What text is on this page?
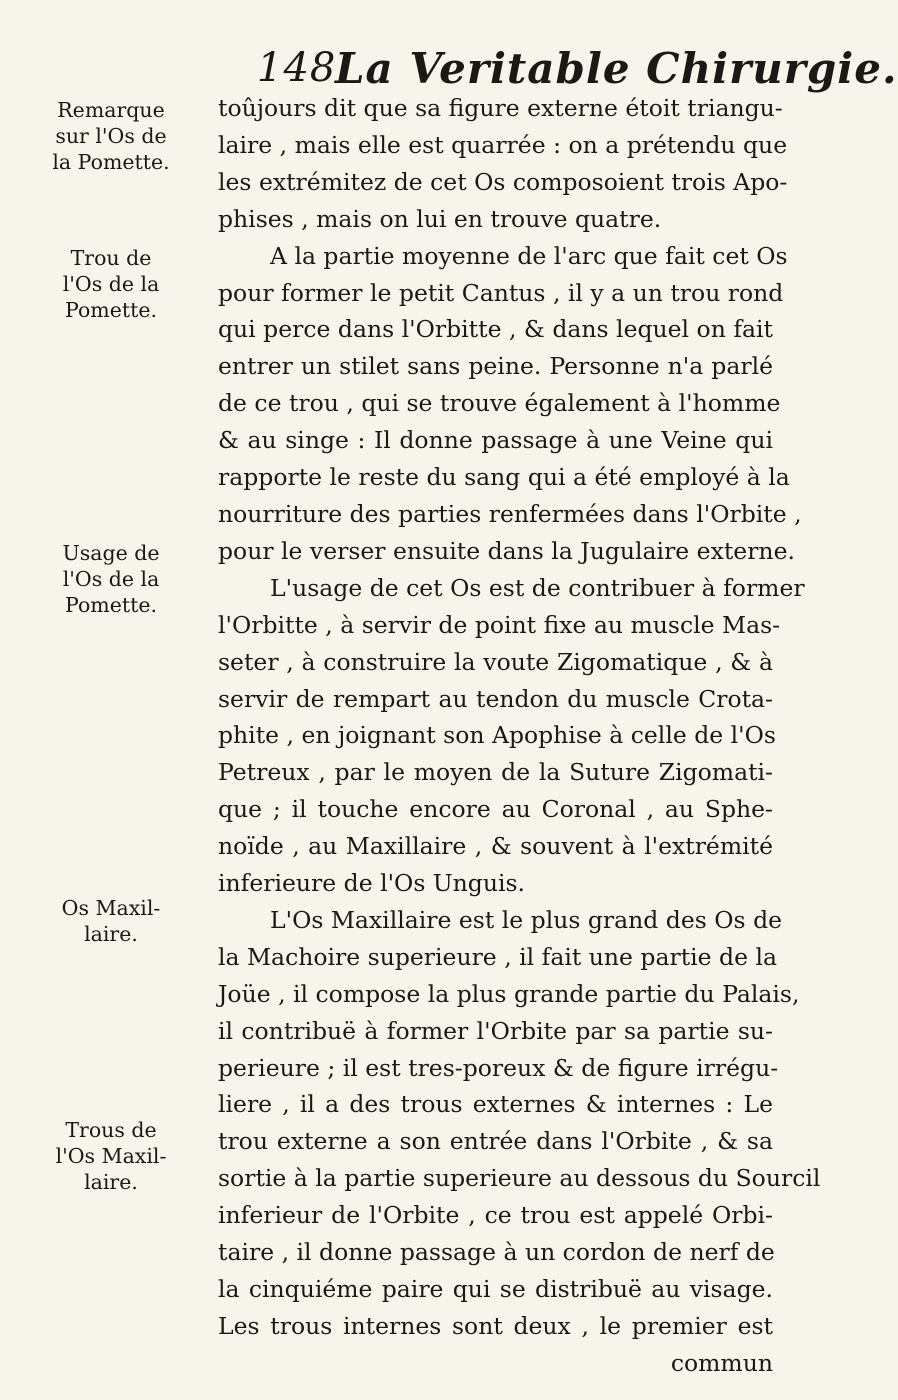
148
La Veritable Chirurgie.
Remarque
sur l'Os de
la Pomette.
Trou de
l'Os de la
Pomette.
Usage de
l'Os de la
Pomette.
Os Maxil-
laire.
Trous de
l'Os Maxil-
laire.
toûjours dit que sa figure externe étoit triangu-
laire , mais elle est quarrée : on a prétendu que
les extrémitez de cet Os composoient trois Apo-
phises , mais on lui en trouve quatre.
A la partie moyenne de l'arc que fait cet Os
pour former le petit Cantus , il y a un trou rond
qui perce dans l'Orbitte , & dans lequel on fait
entrer un stilet sans peine. Personne n'a parlé
de ce trou , qui se trouve également à l'homme
& au singe : Il donne passage à une Veine qui
rapporte le reste du sang qui a été employé à la
nourriture des parties renfermées dans l'Orbite ,
pour le verser ensuite dans la Jugulaire externe.
L'usage de cet Os est de contribuer à former
l'Orbitte , à servir de point fixe au muscle Mas-
seter , à construire la voute Zigomatique , & à
servir de rempart au tendon du muscle Crota-
phite , en joignant son Apophise à celle de l'Os
Petreux , par le moyen de la Suture Zigomati-
que ; il touche encore au Coronal , au Sphe-
noïde , au Maxillaire , & souvent à l'extrémité
inferieure de l'Os Unguis.
L'Os Maxillaire est le plus grand des Os de
la Machoire superieure , il fait une partie de la
Joüe , il compose la plus grande partie du Palais,
il contribuë à former l'Orbite par sa partie su-
perieure ; il est tres-poreux & de figure irrégu-
liere , il a des trous externes & internes : Le
trou externe a son entrée dans l'Orbite , & sa
sortie à la partie superieure au dessous du Sourcil
inferieur de l'Orbite , ce trou est appelé Orbi-
taire , il donne passage à un cordon de nerf de
la cinquiéme paire qui se distribuë au visage.
Les trous internes sont deux , le premier est
commun
